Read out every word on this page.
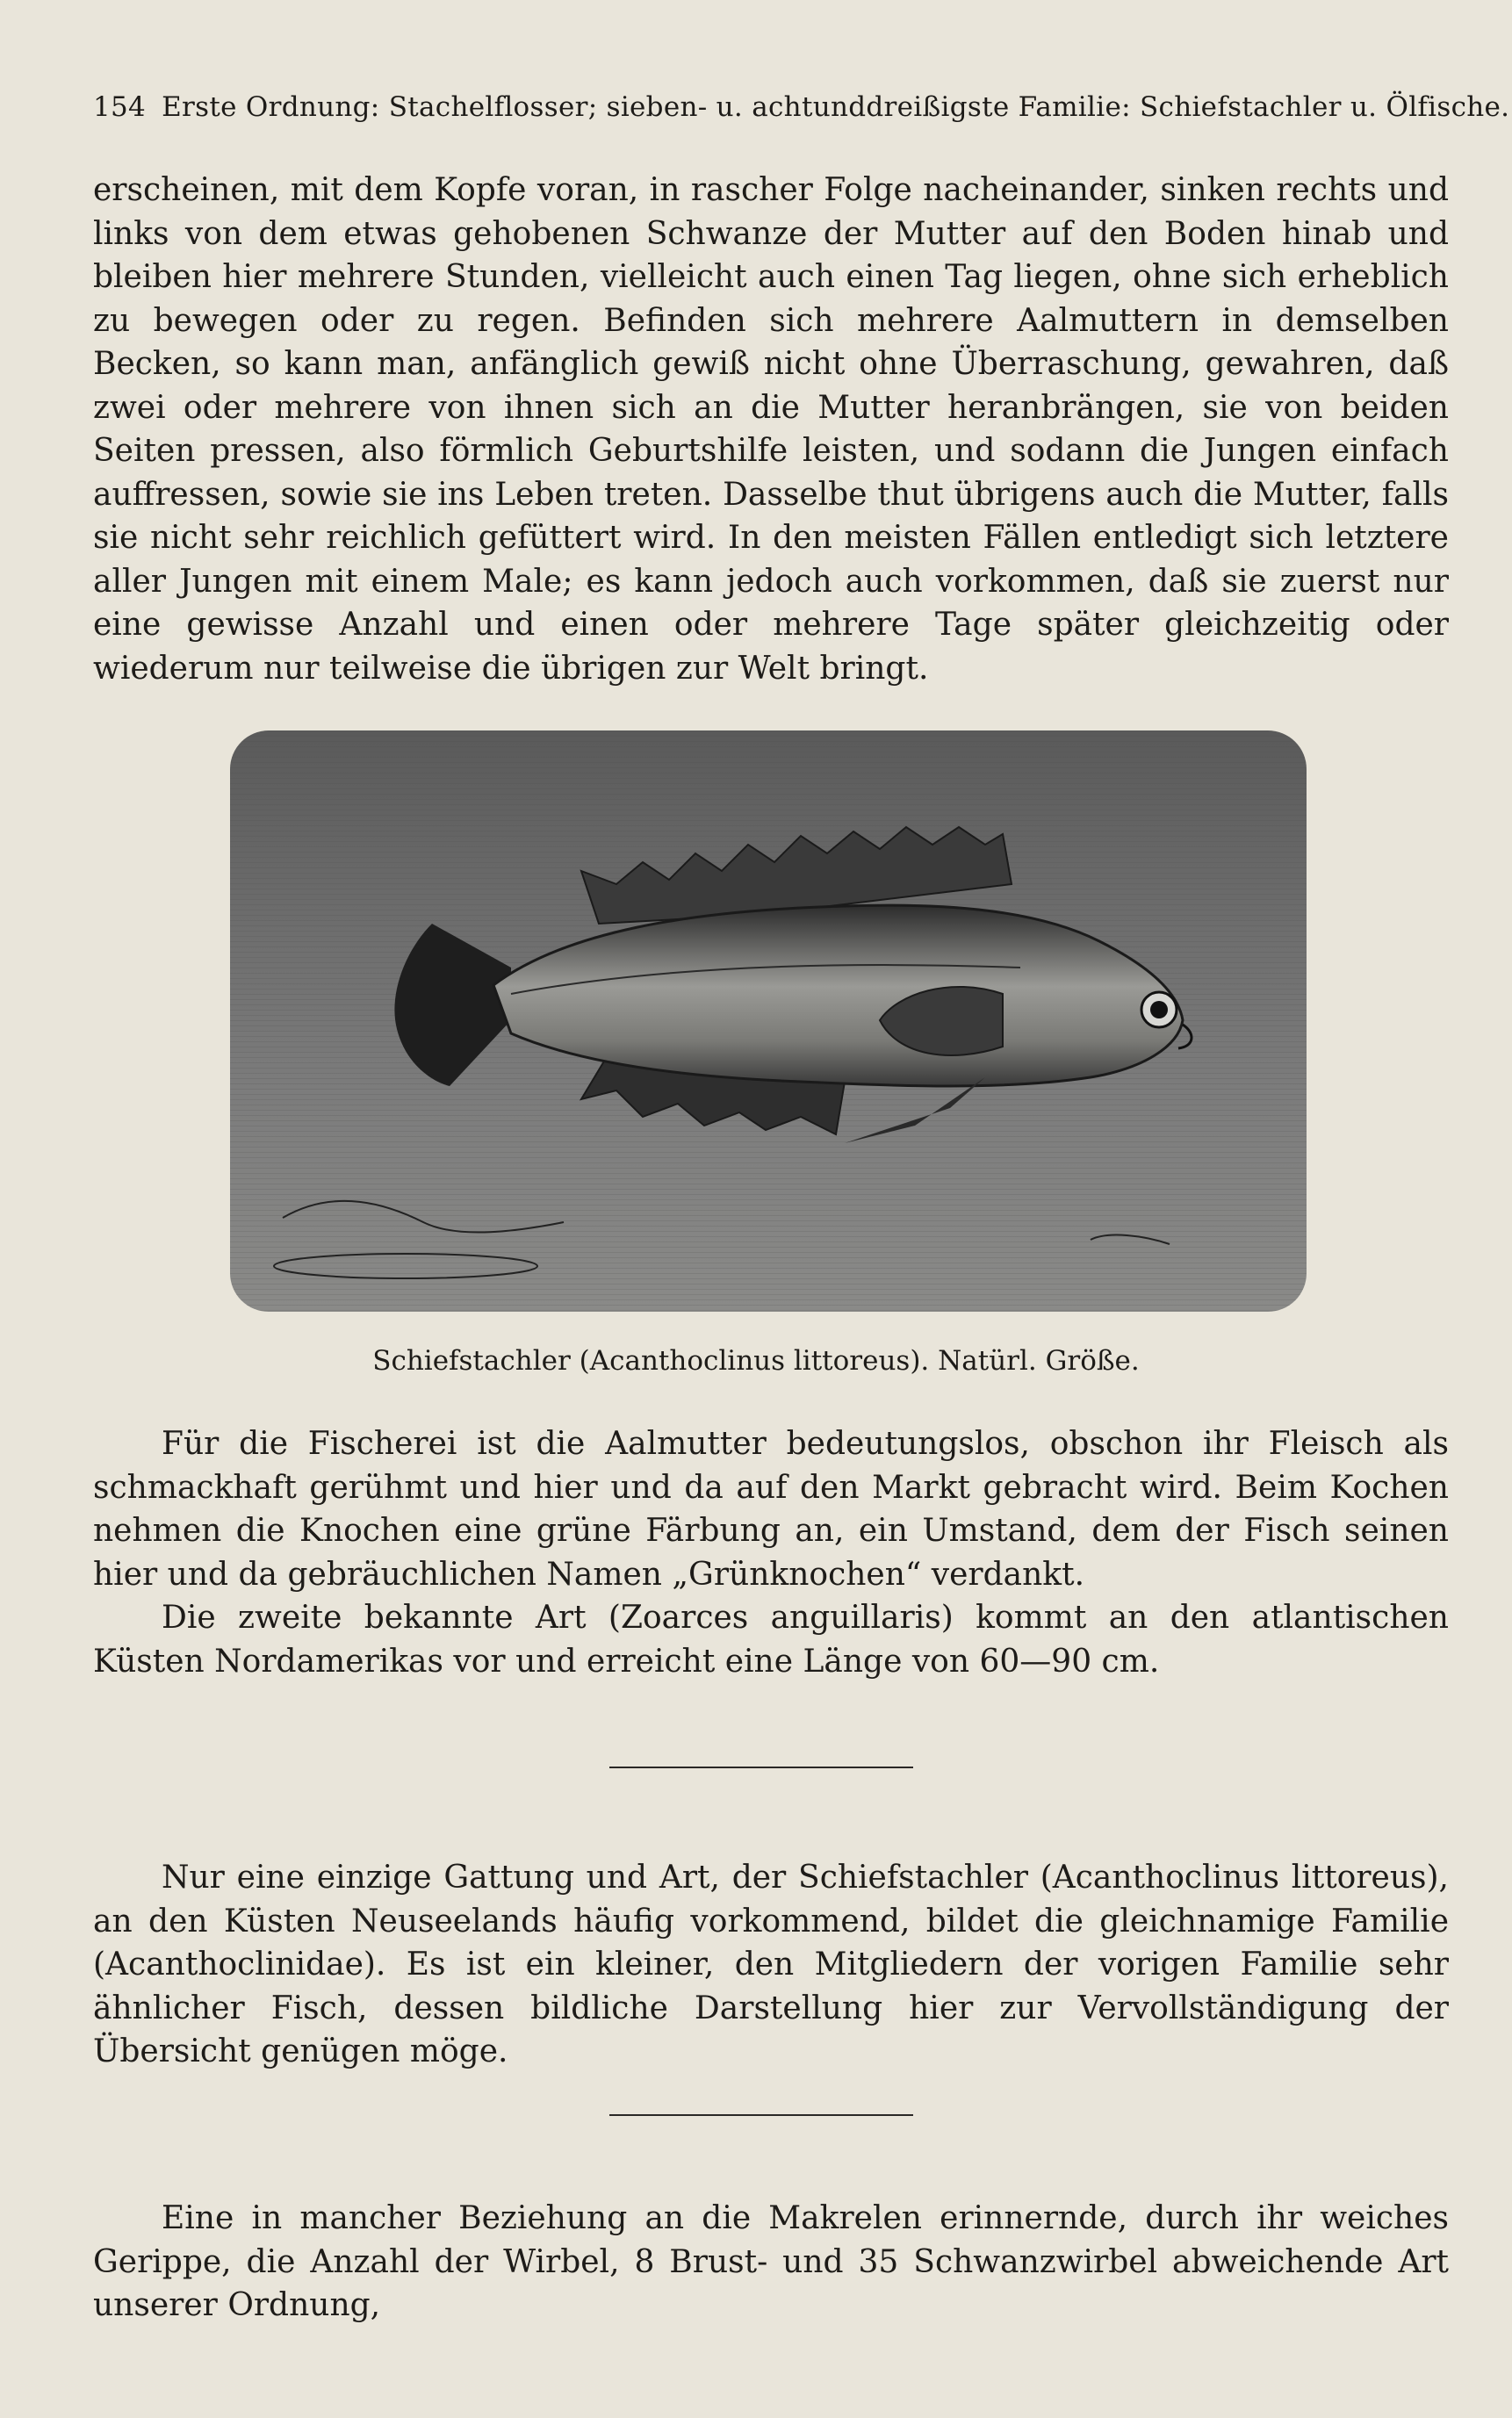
154 Erste Ordnung: Stachelflosser; sieben- u. achtunddreißigste Familie: Schiefstachler u. Ölfische.

erscheinen, mit dem Kopfe voran, in rascher Folge nacheinander, sinken rechts und links von dem etwas gehobenen Schwanze der Mutter auf den Boden hinab und bleiben hier mehrere Stunden, vielleicht auch einen Tag liegen, ohne sich erheblich zu bewegen oder zu regen. Befinden sich mehrere Aalmuttern in demselben Becken, so kann man, anfänglich gewiß nicht ohne Überraschung, gewahren, daß zwei oder mehrere von ihnen sich an die Mutter heranbrängen, sie von beiden Seiten pressen, also förmlich Geburtshilfe leisten, und sodann die Jungen einfach auffressen, sowie sie ins Leben treten. Dasselbe thut übrigens auch die Mutter, falls sie nicht sehr reichlich gefüttert wird. In den meisten Fällen entledigt sich letztere aller Jungen mit einem Male; es kann jedoch auch vorkommen, daß sie zuerst nur eine gewisse Anzahl und einen oder mehrere Tage später gleichzeitig oder wiederum nur teilweise die übrigen zur Welt bringt.

Schiefstachler (Acanthoclinus littoreus). Natürl. Größe.

Für die Fischerei ist die Aalmutter bedeutungslos, obschon ihr Fleisch als schmackhaft gerühmt und hier und da auf den Markt gebracht wird. Beim Kochen nehmen die Knochen eine grüne Färbung an, ein Umstand, dem der Fisch seinen hier und da gebräuchlichen Namen „Grünknochen“ verdankt.

Die zweite bekannte Art (Zoarces anguillaris) kommt an den atlantischen Küsten Nordamerikas vor und erreicht eine Länge von 60—90 cm.

Nur eine einzige Gattung und Art, der Schiefstachler (Acanthoclinus littoreus), an den Küsten Neuseelands häufig vorkommend, bildet die gleichnamige Familie (Acanthoclinidae). Es ist ein kleiner, den Mitgliedern der vorigen Familie sehr ähnlicher Fisch, dessen bildliche Darstellung hier zur Vervollständigung der Übersicht genügen möge.

Eine in mancher Beziehung an die Makrelen erinnernde, durch ihr weiches Gerippe, die Anzahl der Wirbel, 8 Brust- und 35 Schwanzwirbel abweichende Art unserer Ordnung,
